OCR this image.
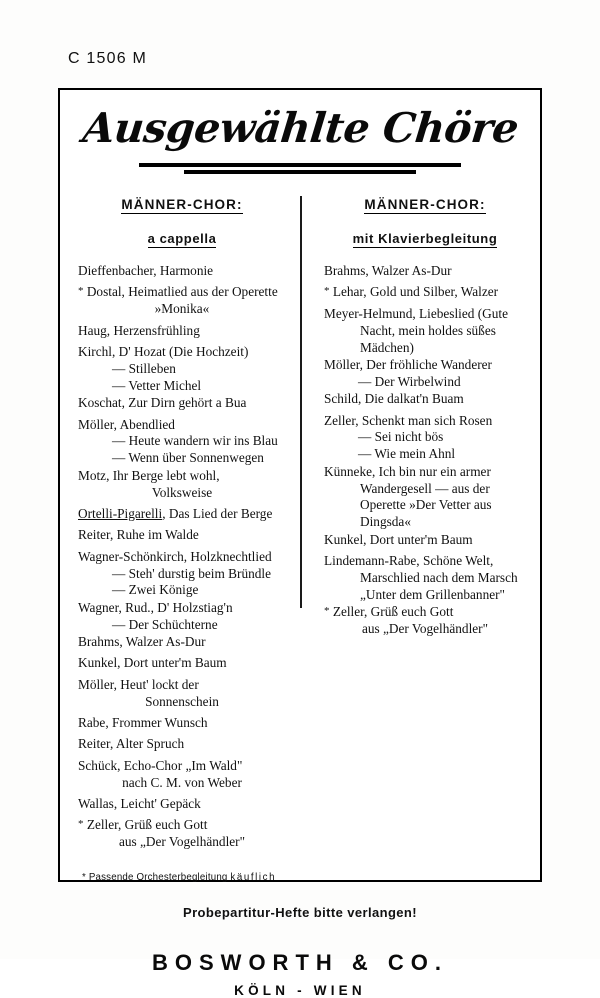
C 1506 M
Ausgewählte Chöre
MÄNNER-CHOR:
a cappella
Dieffenbacher, Harmonie
* Dostal, Heimatlied aus der Operette
»Monika«
Haug, Herzensfrühling
Kirchl, D' Hozat (Die Hochzeit)
— Stilleben
— Vetter Michel
Koschat, Zur Dirn gehört a Bua
Möller, Abendlied
— Heute wandern wir ins Blau
— Wenn über Sonnenwegen
Motz, Ihr Berge lebt wohl,
Volksweise
Ortelli-Pigarelli, Das Lied der Berge
Reiter, Ruhe im Walde
Wagner-Schönkirch, Holzknechtlied
— Steh' durstig beim Bründle
— Zwei Könige
Wagner, Rud., D' Holzstiag'n
— Der Schüchterne
Brahms, Walzer As-Dur
Kunkel, Dort unter'm Baum
Möller, Heut' lockt der
Sonnenschein
Rabe, Frommer Wunsch
Reiter, Alter Spruch
Schück, Echo-Chor „Im Wald"
nach C. M. von Weber
Wallas, Leicht' Gepäck
* Zeller, Grüß euch Gott
aus „Der Vogelhändler"
MÄNNER-CHOR:
mit Klavierbegleitung
Brahms, Walzer As-Dur
* Lehar, Gold und Silber, Walzer
Meyer-Helmund, Liebeslied (Gute
Nacht, mein holdes süßes
Mädchen)
Möller, Der fröhliche Wanderer
— Der Wirbelwind
Schild, Die dalkat'n Buam
Zeller, Schenkt man sich Rosen
— Sei nicht bös
— Wie mein Ahnl
Künneke, Ich bin nur ein armer
Wandergesell — aus der
Operette »Der Vetter aus
Dingsda«
Kunkel, Dort unter'm Baum
Lindemann-Rabe, Schöne Welt,
Marschlied nach dem Marsch
„Unter dem Grillenbanner"
* Zeller, Grüß euch Gott
aus „Der Vogelhändler"
* Passende Orchesterbegleitung käuflich
Probepartitur-Hefte bitte verlangen!
BOSWORTH & CO.
KÖLN - WIEN
